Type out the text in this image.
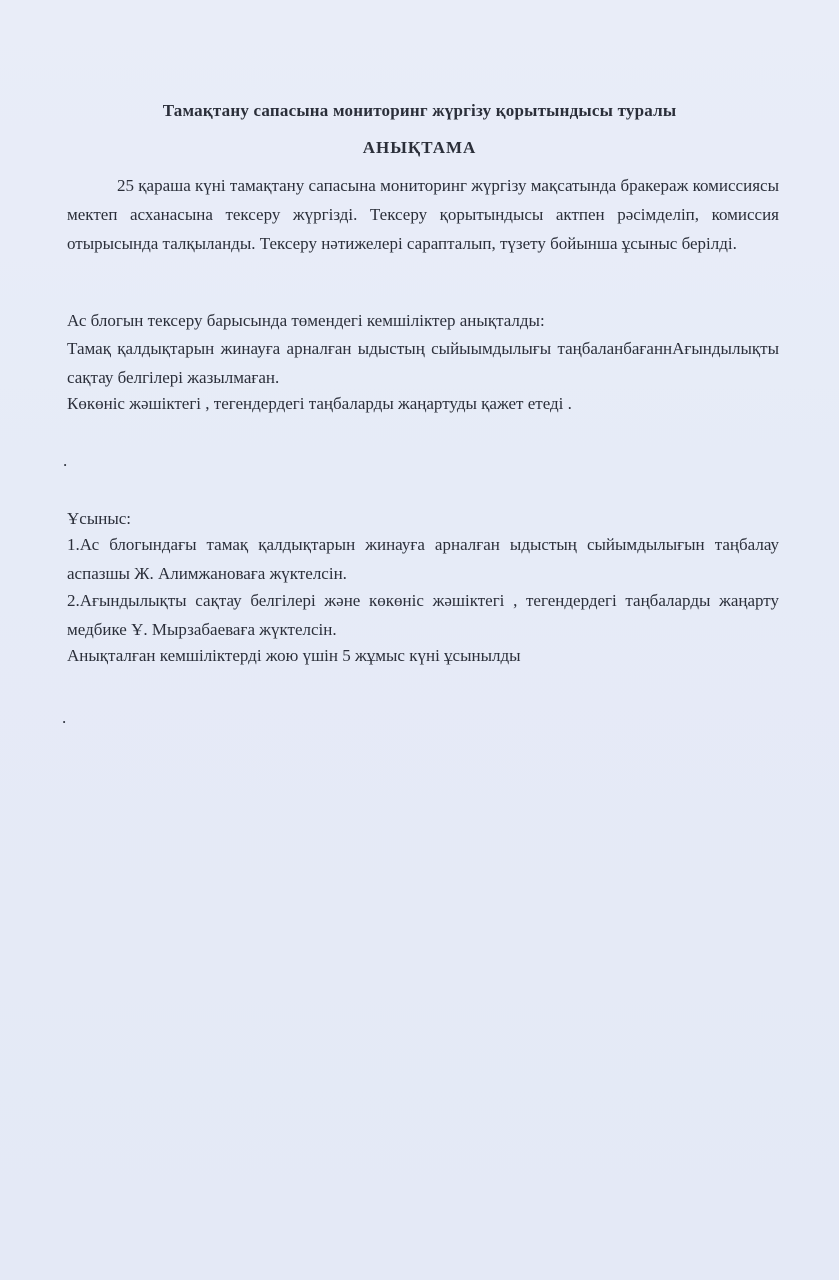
Тамақтану сапасына мониторинг жүргізу қорытындысы туралы

АНЫҚТАМА

25 қараша күні тамақтану сапасына мониторинг жүргізу мақсатында бракераж комиссиясы мектеп асханасына тексеру жүргізді. Тексеру қорытындысы актпен рәсімделіп, комиссия отырысында талқыланды. Тексеру нәтижелері сарапталып, түзету бойынша ұсыныс берілді.

Ас блогын тексеру барысында төмендегі кемшіліктер анықталды:

Тамақ қалдықтарын жинауға арналған ыдыстың сыйыымдылығы таңбаланбағаннАғындылықты сақтау белгілері жазылмаған.

Көкөніс жәшіктегі , тегендердегі таңбаларды жаңартуды қажет етеді .

.

Ұсыныс:

1.Ас блогындағы тамақ қалдықтарын жинауға арналған ыдыстың сыйымдылығын таңбалау аспазшы Ж. Алимжановаға жүктелсін.

2.Ағындылықты сақтау белгілері және көкөніс жәшіктегі , тегендердегі таңбаларды жаңарту медбике Ұ. Мырзабаеваға жүктелсін.

Анықталған кемшіліктерді жою үшін 5 жұмыс күні ұсынылды

.
